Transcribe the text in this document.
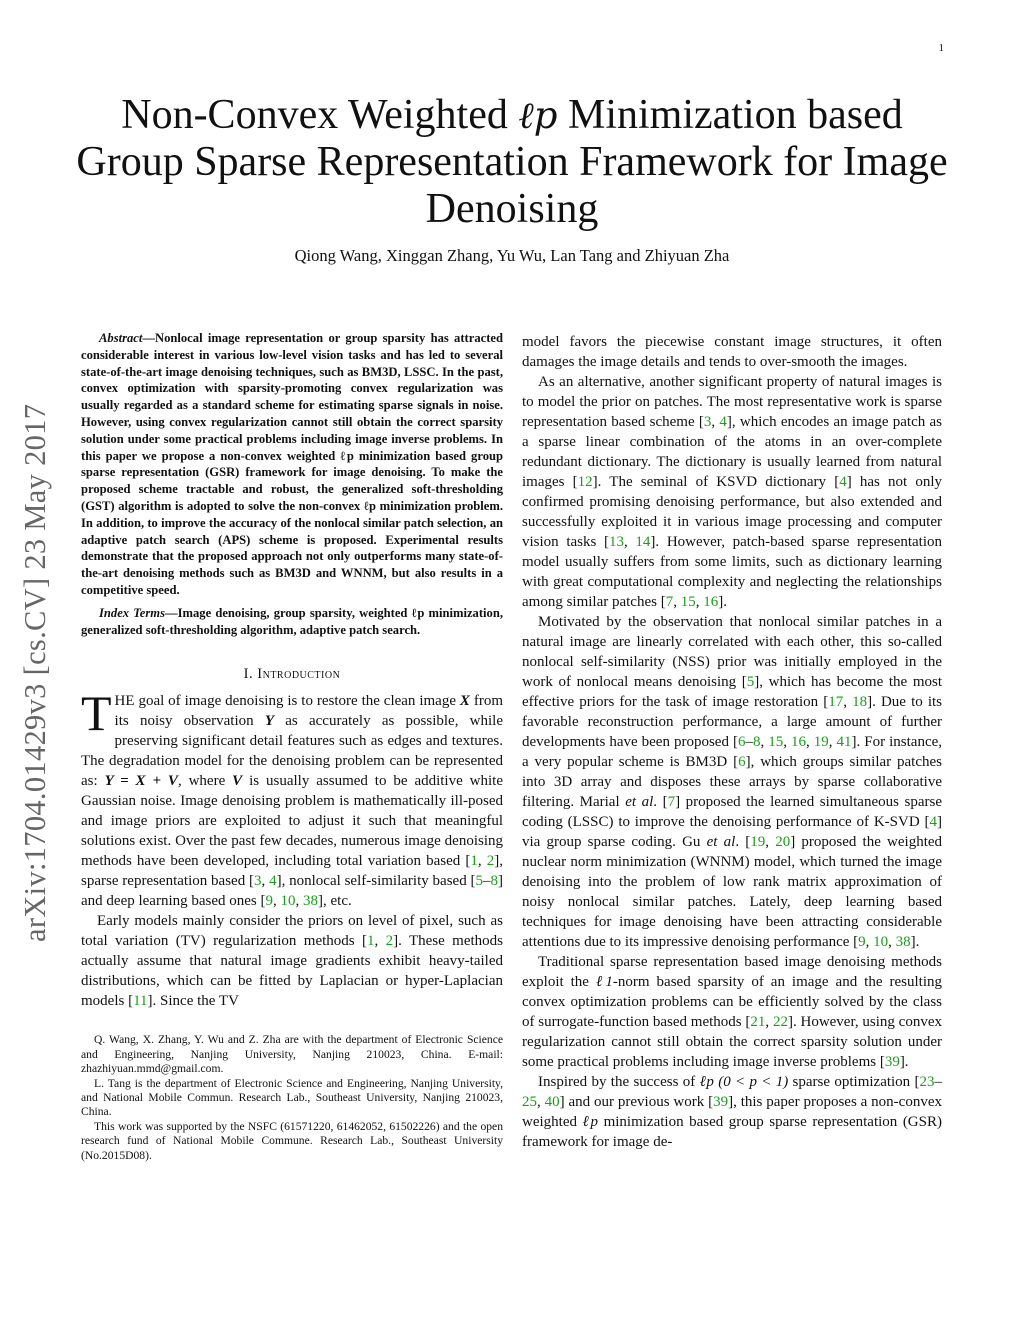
1
arXiv:1704.01429v3 [cs.CV] 23 May 2017
Non-Convex Weighted ℓp Minimization based
Group Sparse Representation Framework for Image
Denoising
Qiong Wang, Xinggan Zhang, Yu Wu, Lan Tang and Zhiyuan Zha

Abstract—Nonlocal image representation or group sparsity has attracted considerable interest in various low-level vision tasks and has led to several state-of-the-art image denoising techniques, such as BM3D, LSSC. In the past, convex optimization with sparsity-promoting convex regularization was usually regarded as a standard scheme for estimating sparse signals in noise. However, using convex regularization cannot still obtain the correct sparsity solution under some practical problems including image inverse problems. In this paper we propose a non-convex weighted ℓp minimization based group sparse representation (GSR) framework for image denoising. To make the proposed scheme tractable and robust, the generalized soft-thresholding (GST) algorithm is adopted to solve the non-convex ℓp minimization problem. In addition, to improve the accuracy of the nonlocal similar patch selection, an adaptive patch search (APS) scheme is proposed. Experimental results demonstrate that the proposed approach not only outperforms many state-of-the-art denoising methods such as BM3D and WNNM, but also results in a competitive speed.

Index Terms—Image denoising, group sparsity, weighted ℓp minimization, generalized soft-thresholding algorithm, adaptive patch search.

I. Introduction

THE goal of image denoising is to restore the clean image X from its noisy observation Y as accurately as possible, while preserving significant detail features such as edges and textures. The degradation model for the denoising problem can be represented as: Y = X + V, where V is usually assumed to be additive white Gaussian noise. Image denoising problem is mathematically ill-posed and image priors are exploited to adjust it such that meaningful solutions exist. Over the past few decades, numerous image denoising methods have been developed, including total variation based [1, 2], sparse representation based [3, 4], nonlocal self-similarity based [5–8] and deep learning based ones [9, 10, 38], etc.

Early models mainly consider the priors on level of pixel, such as total variation (TV) regularization methods [1, 2]. These methods actually assume that natural image gradients exhibit heavy-tailed distributions, which can be fitted by Laplacian or hyper-Laplacian models [11]. Since the TV

Q. Wang, X. Zhang, Y. Wu and Z. Zha are with the department of Electronic Science and Engineering, Nanjing University, Nanjing 210023, China. E-mail: zhazhiyuan.mmd@gmail.com.

L. Tang is the department of Electronic Science and Engineering, Nanjing University, and National Mobile Commun. Research Lab., Southeast University, Nanjing 210023, China.

This work was supported by the NSFC (61571220, 61462052, 61502226) and the open research fund of National Mobile Commune. Research Lab., Southeast University (No.2015D08).

model favors the piecewise constant image structures, it often damages the image details and tends to over-smooth the images.

As an alternative, another significant property of natural images is to model the prior on patches. The most representative work is sparse representation based scheme [3, 4], which encodes an image patch as a sparse linear combination of the atoms in an over-complete redundant dictionary. The dictionary is usually learned from natural images [12]. The seminal of KSVD dictionary [4] has not only confirmed promising denoising performance, but also extended and successfully exploited it in various image processing and computer vision tasks [13, 14]. However, patch-based sparse representation model usually suffers from some limits, such as dictionary learning with great computational complexity and neglecting the relationships among similar patches [7, 15, 16].

Motivated by the observation that nonlocal similar patches in a natural image are linearly correlated with each other, this so-called nonlocal self-similarity (NSS) prior was initially employed in the work of nonlocal means denoising [5], which has become the most effective priors for the task of image restoration [17, 18]. Due to its favorable reconstruction performance, a large amount of further developments have been proposed [6–8, 15, 16, 19, 41]. For instance, a very popular scheme is BM3D [6], which groups similar patches into 3D array and disposes these arrays by sparse collaborative filtering. Marial et al. [7] proposed the learned simultaneous sparse coding (LSSC) to improve the denoising performance of K-SVD [4] via group sparse coding. Gu et al. [19, 20] proposed the weighted nuclear norm minimization (WNNM) model, which turned the image denoising into the problem of low rank matrix approximation of noisy nonlocal similar patches. Lately, deep learning based techniques for image denoising have been attracting considerable attentions due to its impressive denoising performance [9, 10, 38].

Traditional sparse representation based image denoising methods exploit the ℓ1-norm based sparsity of an image and the resulting convex optimization problems can be efficiently solved by the class of surrogate-function based methods [21, 22]. However, using convex regularization cannot still obtain the correct sparsity solution under some practical problems including image inverse problems [39].

Inspired by the success of ℓp (0 < p < 1) sparse optimization [23–25, 40] and our previous work [39], this paper proposes a non-convex weighted ℓp minimization based group sparse representation (GSR) framework for image de-
